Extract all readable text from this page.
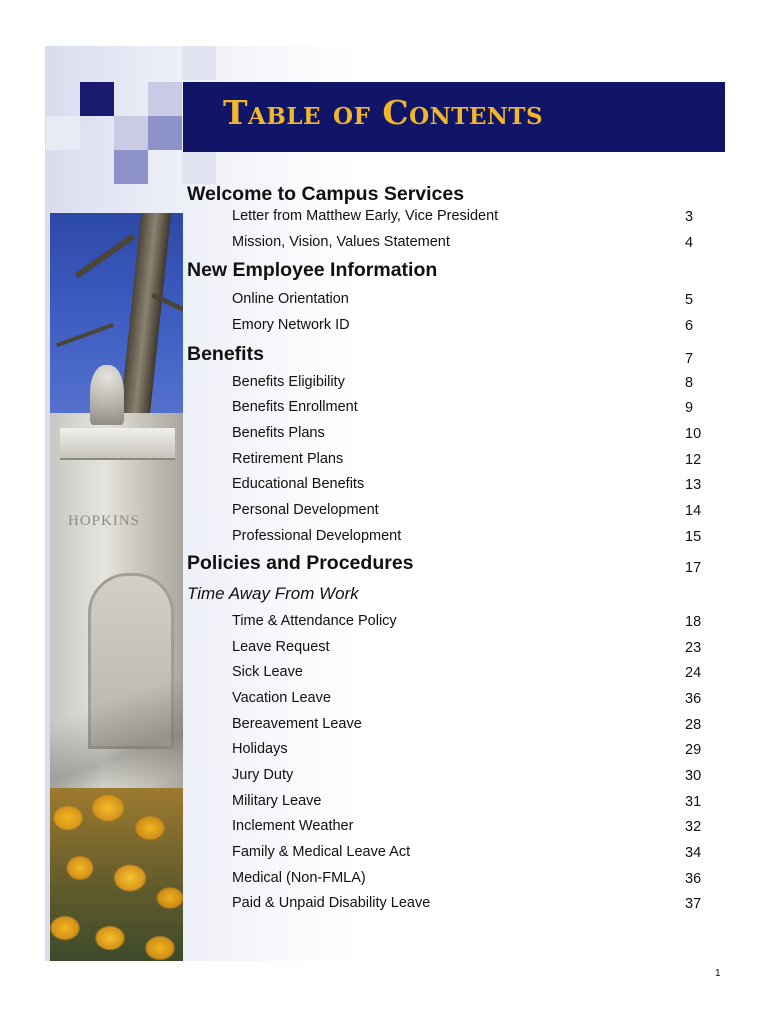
Table of Contents
HOPKINS
Welcome to Campus Services
Letter from Matthew Early, Vice President	3
Mission, Vision, Values Statement	4
New Employee Information
Online Orientation	5
Emory Network ID	6
Benefits	7
Benefits Eligibility	8
Benefits Enrollment	9
Benefits Plans	10
Retirement Plans	12
Educational Benefits	13
Personal Development	14
Professional Development	15
Policies and Procedures	17
Time Away From Work
Time & Attendance Policy	18
Leave Request	23
Sick Leave	24
Vacation Leave	36
Bereavement Leave	28
Holidays	29
Jury Duty	30
Military Leave	31
Inclement Weather	32
Family & Medical Leave Act	34
Medical (Non-FMLA)	36
Paid & Unpaid Disability Leave	37
1
